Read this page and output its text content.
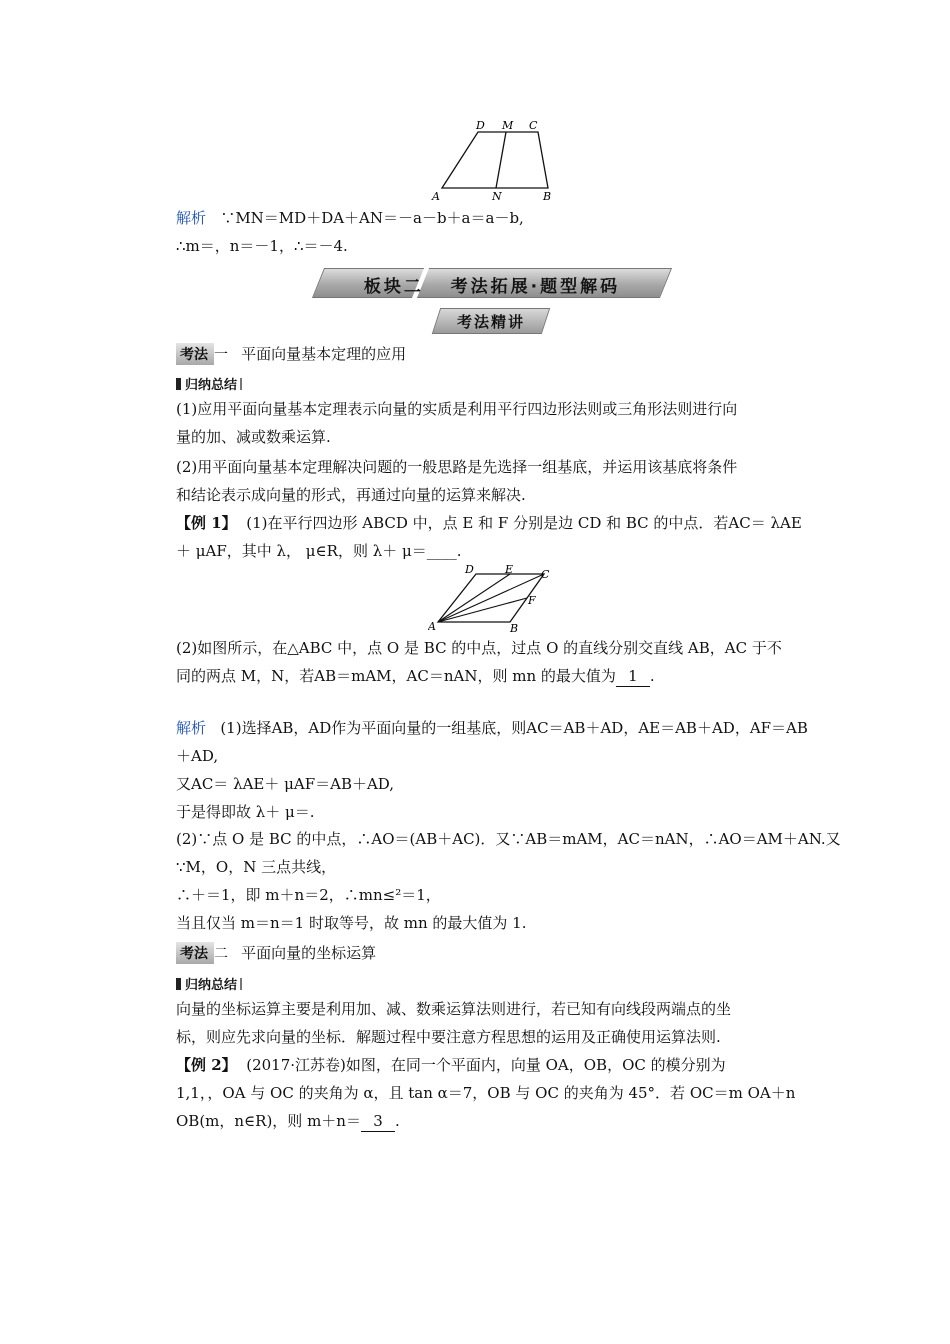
D M C
A	N	B
解析 ∵MN＝MD＋DA＋AN＝－a－b＋a＝a－b,
∴m＝，n＝－1，∴＝－4.
板块二 考法拓展·题型解码
考法精讲
考法 一 平面向量基本定理的应用
归纳总结
(1)应用平面向量基本定理表示向量的实质是利用平行四边形法则或三角形法则进行向
量的加、减或数乘运算.
(2)用平面向量基本定理解决问题的一般思路是先选择一组基底，并运用该基底将条件
和结论表示成向量的形式，再通过向量的运算来解决.
【例 1】 (1)在平行四边形 ABCD 中，点 E 和 F 分别是边 CD 和 BC 的中点．若AC＝ λAE
＋ μAF，其中 λ， μ∈R，则 λ＋ μ＝____.
D	E	C
F
A	B
(2)如图所示，在△ABC 中，点 O 是 BC 的中点，过点 O 的直线分别交直线 AB，AC 于不
同的两点 M，N，若AB＝mAM，AC＝nAN，则 mn 的最大值为 1 .
解析 (1)选择AB，AD作为平面向量的一组基底，则AC＝AB＋AD，AE＝AB＋AD，AF＝AB
＋AD,
又AC＝ λAE＋ μAF＝AB＋AD,
于是得即故 λ＋ μ＝.
(2)∵点 O 是 BC 的中点，∴AO＝(AB＋AC)．又∵AB＝mAM，AC＝nAN，∴AO＝AM＋AN.又
∵M，O，N 三点共线，
∴＋＝1，即 m＋n＝2，∴mn≤²＝1，
当且仅当 m＝n＝1 时取等号，故 mn 的最大值为 1.
考法 二 平面向量的坐标运算
归纳总结
向量的坐标运算主要是利用加、减、数乘运算法则进行，若已知有向线段两端点的坐
标，则应先求向量的坐标．解题过程中要注意方程思想的运用及正确使用运算法则.
【例 2】 (2017·江苏卷)如图，在同一个平面内，向量 OA，OB，OC 的模分别为
1,1，，OA 与 OC 的夹角为 α，且 tan α＝7，OB 与 OC 的夹角为 45°．若 OC＝m OA＋n
OB(m，n∈R)，则 m＋n＝ 3 .
